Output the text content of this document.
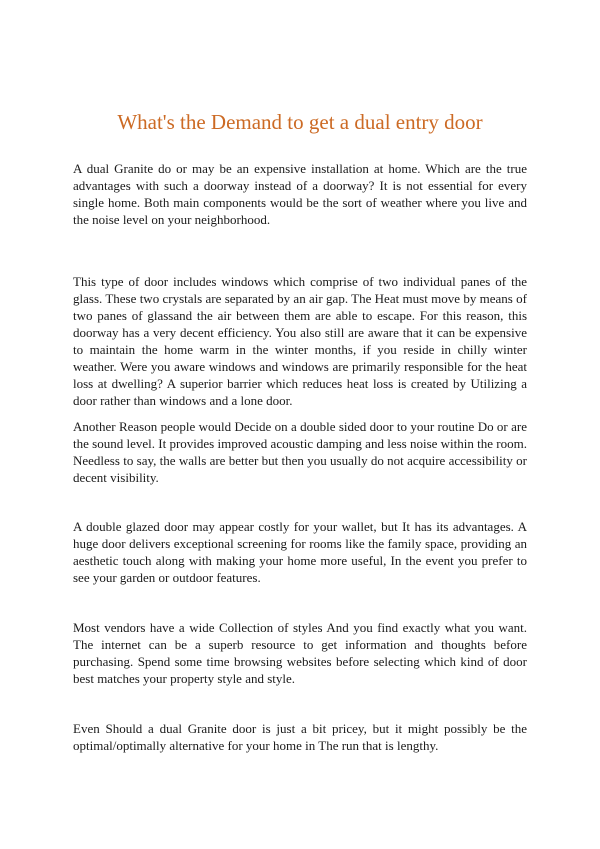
What's the Demand to get a dual entry door

A dual Granite do or may be an expensive installation at home. Which are the true advantages with such a doorway instead of a doorway? It is not essential for every single home. Both main components would be the sort of weather where you live and the noise level on your neighborhood.

This type of door includes windows which comprise of two individual panes of the glass. These two crystals are separated by an air gap. The Heat must move by means of two panes of glassand the air between them are able to escape. For this reason, this doorway has a very decent efficiency. You also still are aware that it can be expensive to maintain the home warm in the winter months, if you reside in chilly winter weather. Were you aware windows and windows are primarily responsible for the heat loss at dwelling? A superior barrier which reduces heat loss is created by Utilizing a door rather than windows and a lone door.

Another Reason people would Decide on a double sided door to your routine Do or are the sound level. It provides improved acoustic damping and less noise within the room. Needless to say, the walls are better but then you usually do not acquire accessibility or decent visibility.

A double glazed door may appear costly for your wallet, but It has its advantages. A huge door delivers exceptional screening for rooms like the family space, providing an aesthetic touch along with making your home more useful, In the event you prefer to see your garden or outdoor features.

Most vendors have a wide Collection of styles And you find exactly what you want. The internet can be a superb resource to get information and thoughts before purchasing. Spend some time browsing websites before selecting which kind of door best matches your property style and style.

Even Should a dual Granite door is just a bit pricey, but it might possibly be the optimal/optimally alternative for your home in The run that is lengthy.
